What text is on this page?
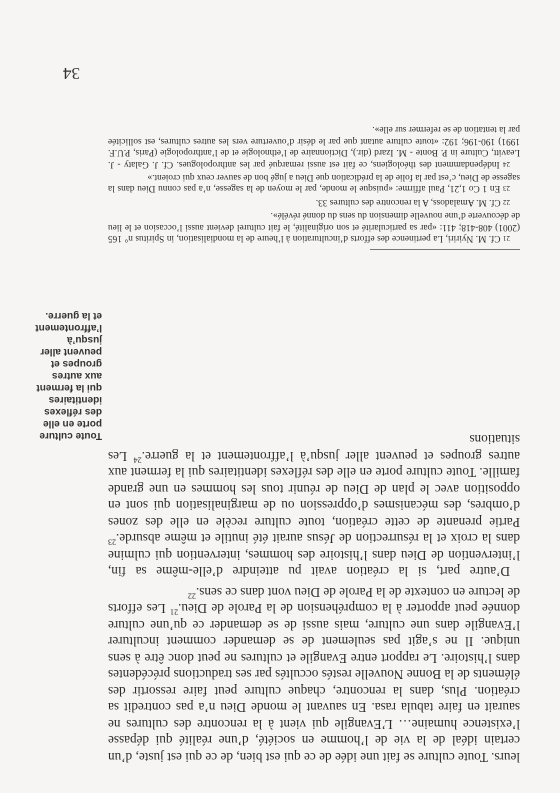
leurs. Toute culture se fait une idée de ce qui est bien, de ce qui est juste, d’un certain idéal de la vie de l’homme en société, d’une réalité qui dépasse l’existence humaine… L’Evangile qui vient à la rencontre des cultures ne saurait en faire tabula rasa. En sauvant le monde Dieu n’a pas contredit sa création. Plus, dans la rencontre, chaque culture peut faire ressortir des éléments de la Bonne Nouvelle restés occultés par ses traductions précédentes dans l’histoire. Le rapport entre Evangile et cultures ne peut donc être à sens unique. Il ne s’agit pas seulement de se demander comment inculturer l’Evangile dans une culture, mais aussi de se demander ce qu’une culture donnée peut apporter à la compréhension de la Parole de Dieu.$^{21}$ Les efforts de lecture en contexte de la Parole de Dieu vont dans ce sens.$^{22}$

D’autre part, si la création avait pu atteindre d’elle-même sa fin, l’intervention de Dieu dans l’histoire des hommes, intervention qui culmine dans la croix et la résurrection de Jésus aurait été inutile et même absurde.$^{23}$ Partie prenante de cette création, toute culture recèle en elle des zones d’ombres, des mécanismes d’oppression ou de marginalisation qui sont en opposition avec le plan de Dieu de réunir tous les hommes en une grande famille. Toute culture porte en elle des réflexes identitaires qui la ferment aux autres groupes et peuvent aller jusqu’à l’affrontement et la guerre.$^{24}$ Les situations

Toute culture
porte en elle
des réflexes
identitaires
qui la ferment
aux autres
groupes et
peuvent aller
jusqu’à
l’affrontement
et la guerre.

$^{21}$ Cf. M. Nyiriri, La pertinence des efforts d’inculturation à l’heure de la mondialisation, in Spiritus n° 165 (2001) 408-418; 411: «par sa particularité et son originalité, le fait culturel devient aussi l’occasion et le lieu de découverte d’une nouvelle dimension du sens du donné révélé».

$^{22}$ Cf. M. Amaladoss, A la rencontre des cultures 33.

$^{23}$ En 1 Co 1,21, Paul affirme: «puisque le monde, par le moyen de la sagesse, n’a pas connu Dieu dans la sagesse de Dieu, c’est par la folie de la prédication que Dieu a jugé bon de sauver ceux qui croient.»

$^{24}$ Indépendamment des théologiens, ce fait est aussi remarqué par les anthropologues. Cf. J. Galaty - J. Leavitt, Culture in P. Bonte - M. Izard (dir.), Dictionnaire de l’ethnologie et de l’anthropologie (Paris, P.U.F. 1991) 190-196; 192: «toute culture autant que par le désir d’ouverture vers les autres cultures, est sollicitée par la tentation de se refermer sur elle».

34
